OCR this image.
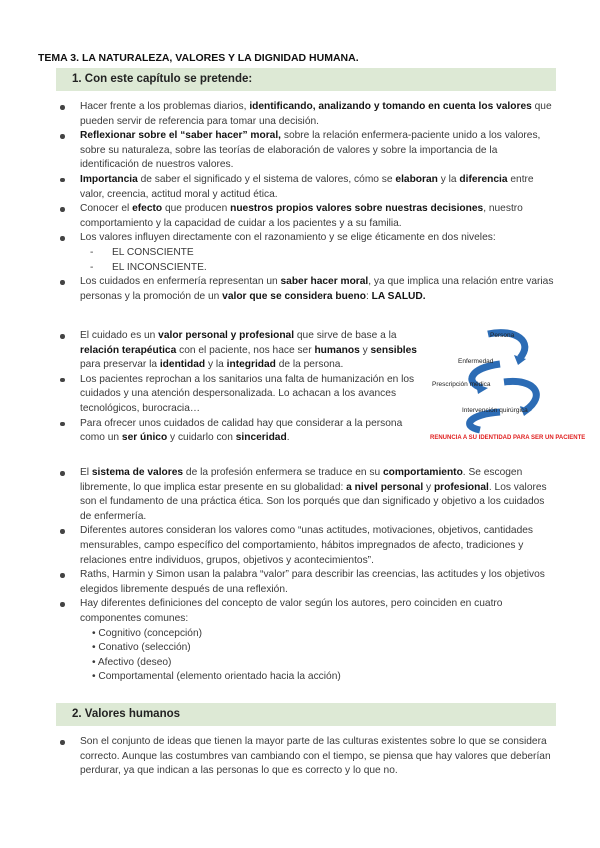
TEMA 3. LA NATURALEZA, VALORES Y LA DIGNIDAD HUMANA.
1. Con este capítulo se pretende:
Hacer frente a los problemas diarios, identificando, analizando y tomando en cuenta los valores que pueden servir de referencia para tomar una decisión.
Reflexionar sobre el “saber hacer” moral, sobre la relación enfermera-paciente unido a los valores, sobre su naturaleza, sobre las teorías de elaboración de valores y sobre la importancia de la identificación de nuestros valores.
Importancia de saber el significado y el sistema de valores, cómo se elaboran y la diferencia entre valor, creencia, actitud moral y actitud ética.
Conocer el efecto que producen nuestros propios valores sobre nuestras decisiones, nuestro comportamiento y la capacidad de cuidar a los pacientes y a su familia.
Los valores influyen directamente con el razonamiento y se elige éticamente en dos niveles:
- EL CONSCIENTE
- EL INCONSCIENTE.
Los cuidados en enfermería representan un saber hacer moral, ya que implica una relación entre varias personas y la promoción de un valor que se considera bueno: LA SALUD.
El cuidado es un valor personal y profesional que sirve de base a la relación terapéutica con el paciente, nos hace ser humanos y sensibles para preservar la identidad y la integridad de la persona.
Los pacientes reprochan a los sanitarios una falta de humanización en los cuidados y una atención despersonalizada. Lo achacan a los avances tecnológicos, burocracia…
Para ofrecer unos cuidados de calidad hay que considerar a la persona como un ser único y cuidarlo con sinceridad.
Persona
Enfermedad
Prescripción médica
Intervención quirúrgica
RENUNCIA A SU IDENTIDAD PARA SER UN PACIENTE
El sistema de valores de la profesión enfermera se traduce en su comportamiento. Se escogen libremente, lo que implica estar presente en su globalidad: a nivel personal y profesional. Los valores son el fundamento de una práctica ética. Son los porqués que dan significado y objetivo a los cuidados de enfermería.
Diferentes autores consideran los valores como “unas actitudes, motivaciones, objetivos, cantidades mensurables, campo específico del comportamiento, hábitos impregnados de afecto, tradiciones y relaciones entre individuos, grupos, objetivos y acontecimientos”.
Raths, Harmin y Simon usan la palabra “valor” para describir las creencias, las actitudes y los objetivos elegidos libremente después de una reflexión.
Hay diferentes definiciones del concepto de valor según los autores, pero coinciden en cuatro componentes comunes:
• Cognitivo (concepción)
• Conativo (selección)
• Afectivo (deseo)
• Comportamental (elemento orientado hacia la acción)
2. Valores humanos
Son el conjunto de ideas que tienen la mayor parte de las culturas existentes sobre lo que se considera correcto. Aunque las costumbres van cambiando con el tiempo, se piensa que hay valores que deberían perdurar, ya que indican a las personas lo que es correcto y lo que no.
